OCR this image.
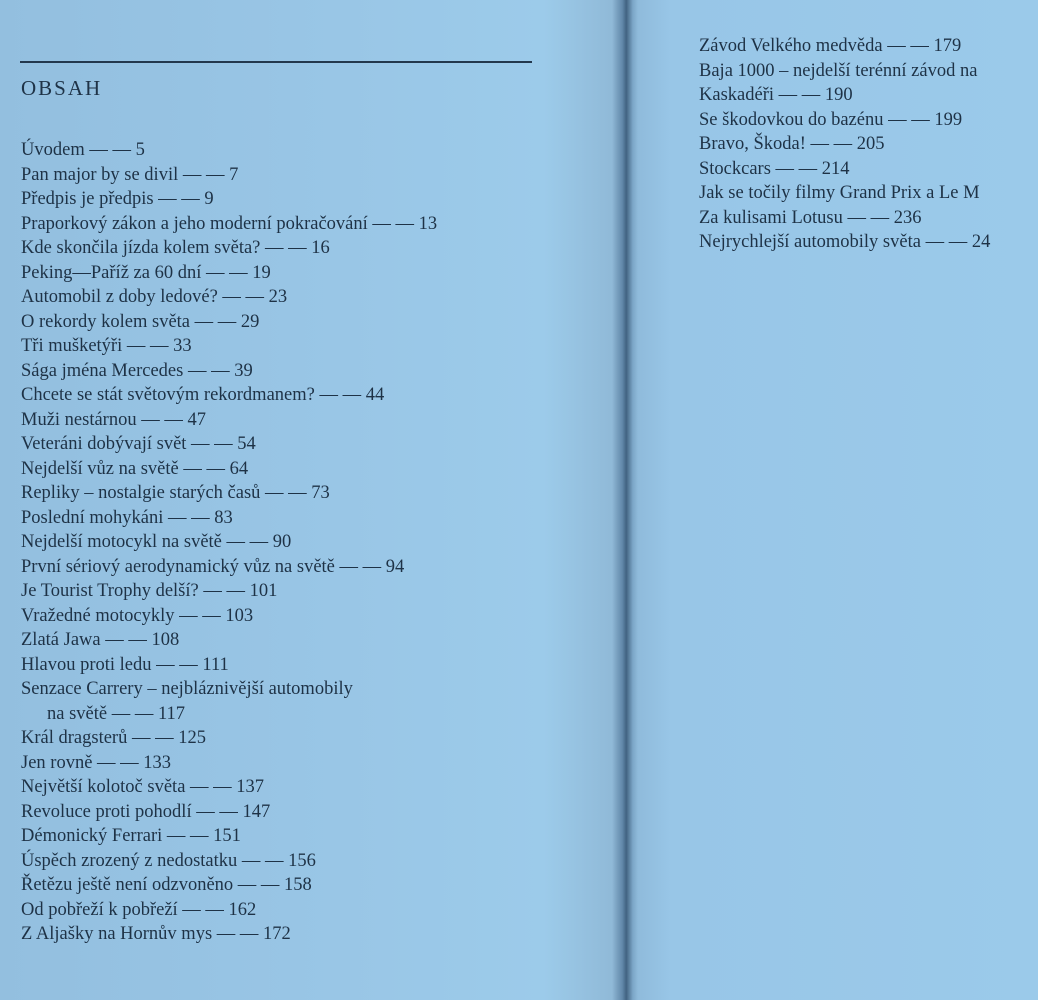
OBSAH
Úvodem — — 5
Pan major by se divil — — 7
Předpis je předpis — — 9
Praporkový zákon a jeho moderní pokračování — — 13
Kde skončila jízda kolem světa? — — 16
Peking—Paříž za 60 dní — — 19
Automobil z doby ledové? — — 23
O rekordy kolem světa — — 29
Tři mušketýři — — 33
Sága jména Mercedes — — 39
Chcete se stát světovým rekordmanem? — — 44
Muži nestárnou — — 47
Veteráni dobývají svět — — 54
Nejdelší vůz na světě — — 64
Repliky – nostalgie starých časů — — 73
Poslední mohykáni — — 83
Nejdelší motocykl na světě — — 90
První sériový aerodynamický vůz na světě — — 94
Je Tourist Trophy delší? — — 101
Vražedné motocykly — — 103
Zlatá Jawa — — 108
Hlavou proti ledu — — 111
Senzace Carrery – nejbláznivější automobily
na světě — — 117
Král dragsterů — — 125
Jen rovně — — 133
Největší kolotoč světa — — 137
Revoluce proti pohodlí — — 147
Démonický Ferrari — — 151
Úspěch zrozený z nedostatku — — 156
Řetězu ještě není odzvoněno — — 158
Od pobřeží k pobřeží — — 162
Z Aljašky na Hornův mys — — 172
Závod Velkého medvěda — — 179
Baja 1000 – nejdelší terénní závod na
Kaskadéři — — 190
Se škodovkou do bazénu — — 199
Bravo, Škoda! — — 205
Stockcars — — 214
Jak se točily filmy Grand Prix a Le M
Za kulisami Lotusu — — 236
Nejrychlejší automobily světa — — 24
